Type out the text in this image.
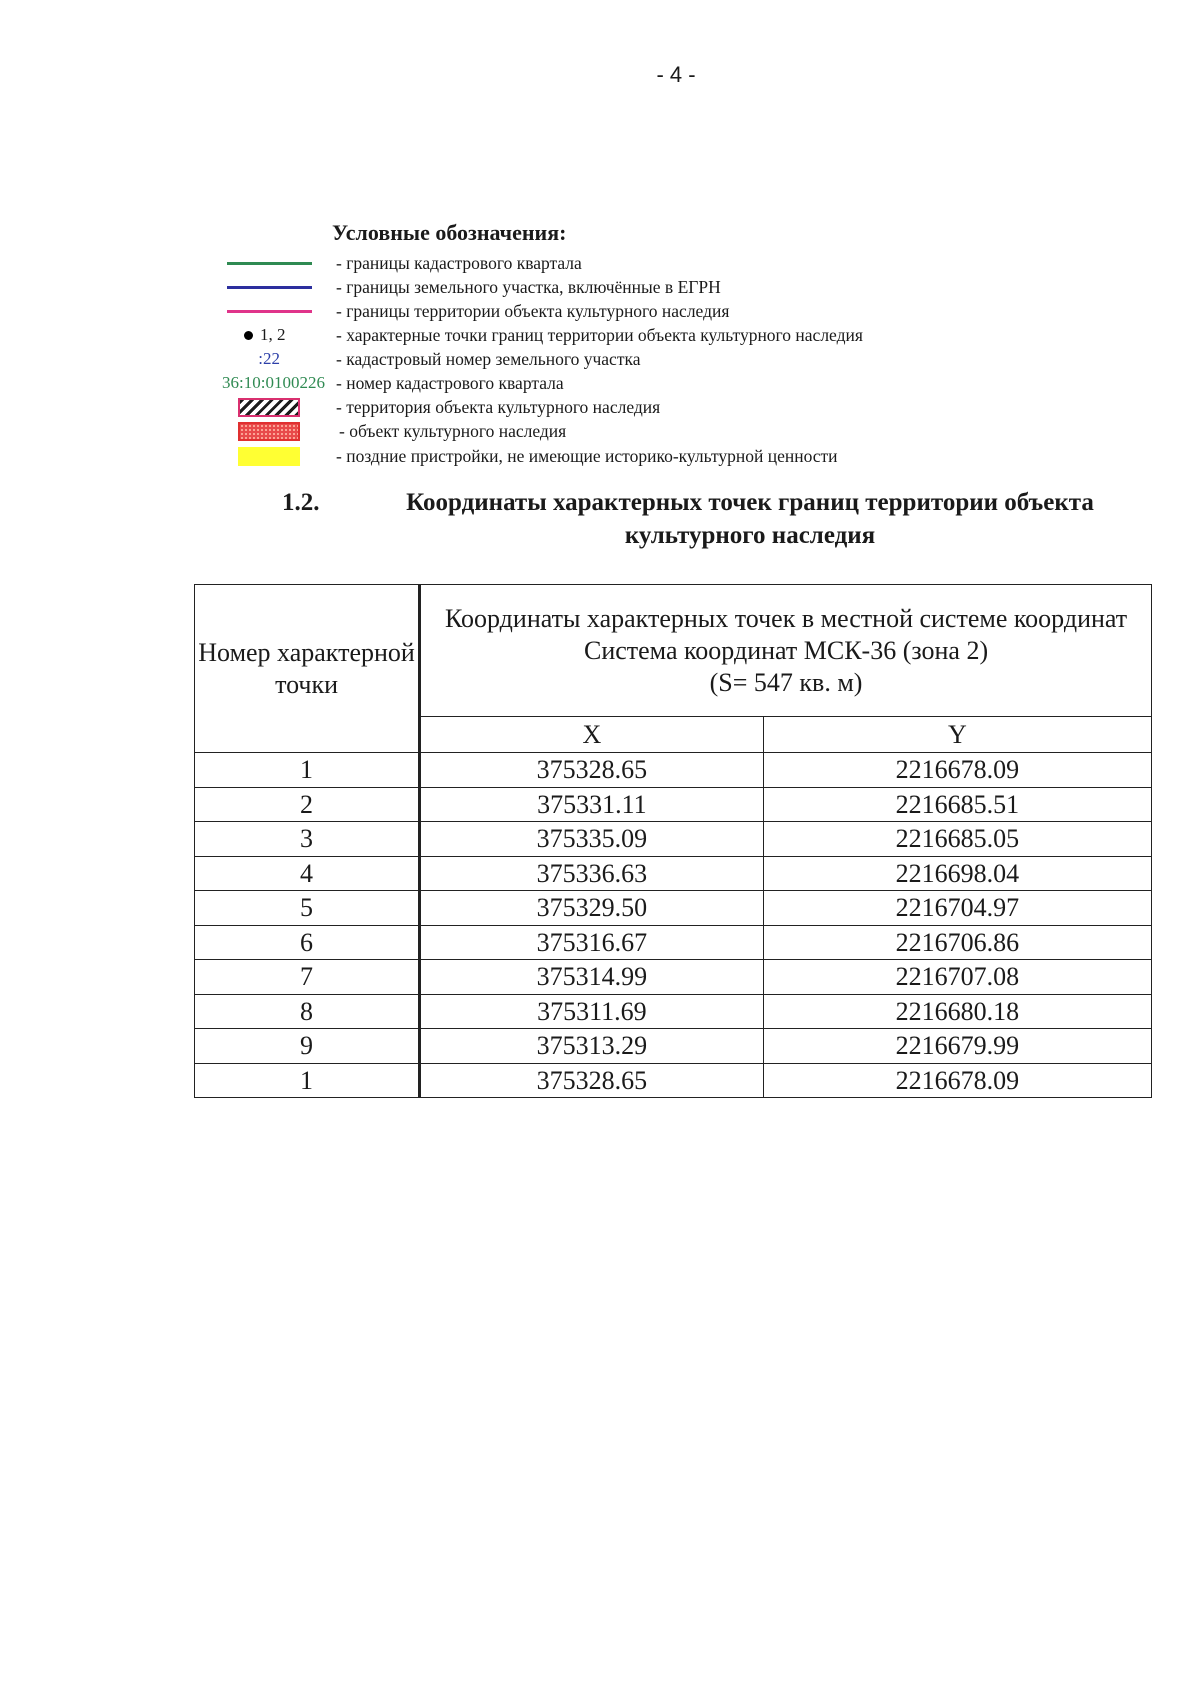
- 4 -
Условные обозначения:
- границы кадастрового квартала
- границы земельного участка, включённые в ЕГРН
- границы территории объекта культурного наследия
1, 2	- характерные точки границ территории объекта культурного наследия
:22	- кадастровый номер земельного участка
36:10:0100226 - номер кадастрового квартала
- территория объекта культурного наследия
- объект культурного наследия
- поздние пристройки, не имеющие историко-культурной ценности
1.2.	Координаты характерных точек границ территории объекта культурного наследия
Номер характерной точки	Координаты характерных точек в местной системе координат
Система координат МСК-36 (зона 2)
(S= 547 кв. м)	

	X	Y
1	375328.65	2216678.09
2	375331.11	2216685.51
3	375335.09	2216685.05
4	375336.63	2216698.04
5	375329.50	2216704.97
6	375316.67	2216706.86
7	375314.99	2216707.08
8	375311.69	2216680.18
9	375313.29	2216679.99
1	375328.65	2216678.09
